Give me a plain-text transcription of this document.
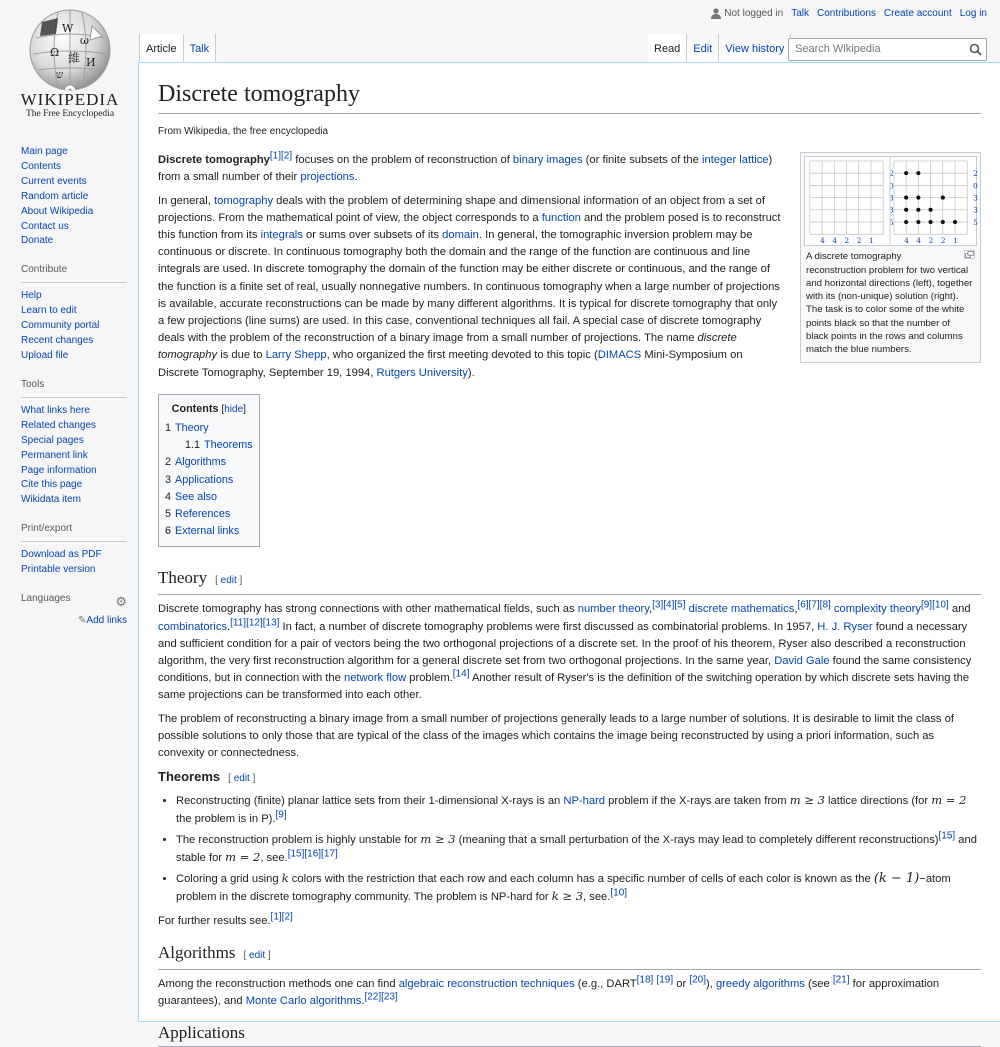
W
ω
Ω 維 И
ש
WIKIPEDIA
The Free Encyclopedia
Main page
Contents
Current events
Random article
About Wikipedia
Contact us
Donate
Contribute
Help
Learn to edit
Community portal
Recent changes
Upload file
Tools
What links here
Related changes
Special pages
Permanent link
Page information
Cite this page
Wikidata item
Print/export
Download as PDF
Printable version
Languages	⚙
✎Add links
Not logged in Talk Contributions Create account Log in
Article	Talk	Read	Edit	View history Search Wikipedia
Discrete tomography
From Wikipedia, the free encyclopedia
2
0
3
3
5
4 4 2 2 1
2
0
3
3
5
4 4 2 2 1
A discrete tomography reconstruction problem for two vertical and horizontal directions (left), together with its (non-unique) solution (right). The task is to color some of the white points black so that the number of black points in the rows and columns match the blue numbers.

Discrete tomography[1][2] focuses on the problem of reconstruction of binary images (or finite subsets of the integer lattice) from a small number of their projections.

In general, tomography deals with the problem of determining shape and dimensional information of an object from a set of projections. From the mathematical point of view, the object corresponds to a function and the problem posed is to reconstruct this function from its integrals or sums over subsets of its domain. In general, the tomographic inversion problem may be continuous or discrete. In continuous tomography both the domain and the range of the function are continuous and line integrals are used. In discrete tomography the domain of the function may be either discrete or continuous, and the range of the function is a finite set of real, usually nonnegative numbers. In continuous tomography when a large number of projections is available, accurate reconstructions can be made by many different algorithms. It is typical for discrete tomography that only a few projections (line sums) are used. In this case, conventional techniques all fail. A special case of discrete tomography deals with the problem of the reconstruction of a binary image from a small number of projections. The name discrete tomography is due to Larry Shepp, who organized the first meeting devoted to this topic (DIMACS Mini-Symposium on Discrete Tomography, September 19, 1994, Rutgers University).

Contents [hide]
1 Theory
1.1 Theorems
2 Algorithms
3 Applications
4 See also
5 References
6 External links
Theory [ edit ]

Discrete tomography has strong connections with other mathematical fields, such as number theory,[3][4][5] discrete mathematics,[6][7][8] complexity theory[9][10] and combinatorics.[11][12][13] In fact, a number of discrete tomography problems were first discussed as combinatorial problems. In 1957, H. J. Ryser found a necessary and sufficient condition for a pair of vectors being the two orthogonal projections of a discrete set. In the proof of his theorem, Ryser also described a reconstruction algorithm, the very first reconstruction algorithm for a general discrete set from two orthogonal projections. In the same year, David Gale found the same consistency conditions, but in connection with the network flow problem.[14] Another result of Ryser's is the definition of the switching operation by which discrete sets having the same projections can be transformed into each other.

The problem of reconstructing a binary image from a small number of projections generally leads to a large number of solutions. It is desirable to limit the class of possible solutions to only those that are typical of the class of the images which contains the image being reconstructed by using a priori information, such as convexity or connectedness.

Theorems [ edit ]
• Reconstructing (finite) planar lattice sets from their 1-dimensional X-rays is an NP-hard problem if the X-rays are taken from m ≥ 3 lattice directions (for m = 2 the problem is in P).[9]
• The reconstruction problem is highly unstable for m ≥ 3 (meaning that a small perturbation of the X-rays may lead to completely different reconstructions)[15] and stable for m = 2, see.[15][16][17]
• Coloring a grid using k colors with the restriction that each row and each column has a specific number of cells of each color is known as the (k − 1)−atom problem in the discrete tomography community. The problem is NP-hard for k ≥ 3, see.[10]

For further results see.[1][2]

Algorithms [ edit ]

Among the reconstruction methods one can find algebraic reconstruction techniques (e.g., DART[18] [19] or [20]), greedy algorithms (see [21] for approximation guarantees), and Monte Carlo algorithms.[22][23]

Applications
